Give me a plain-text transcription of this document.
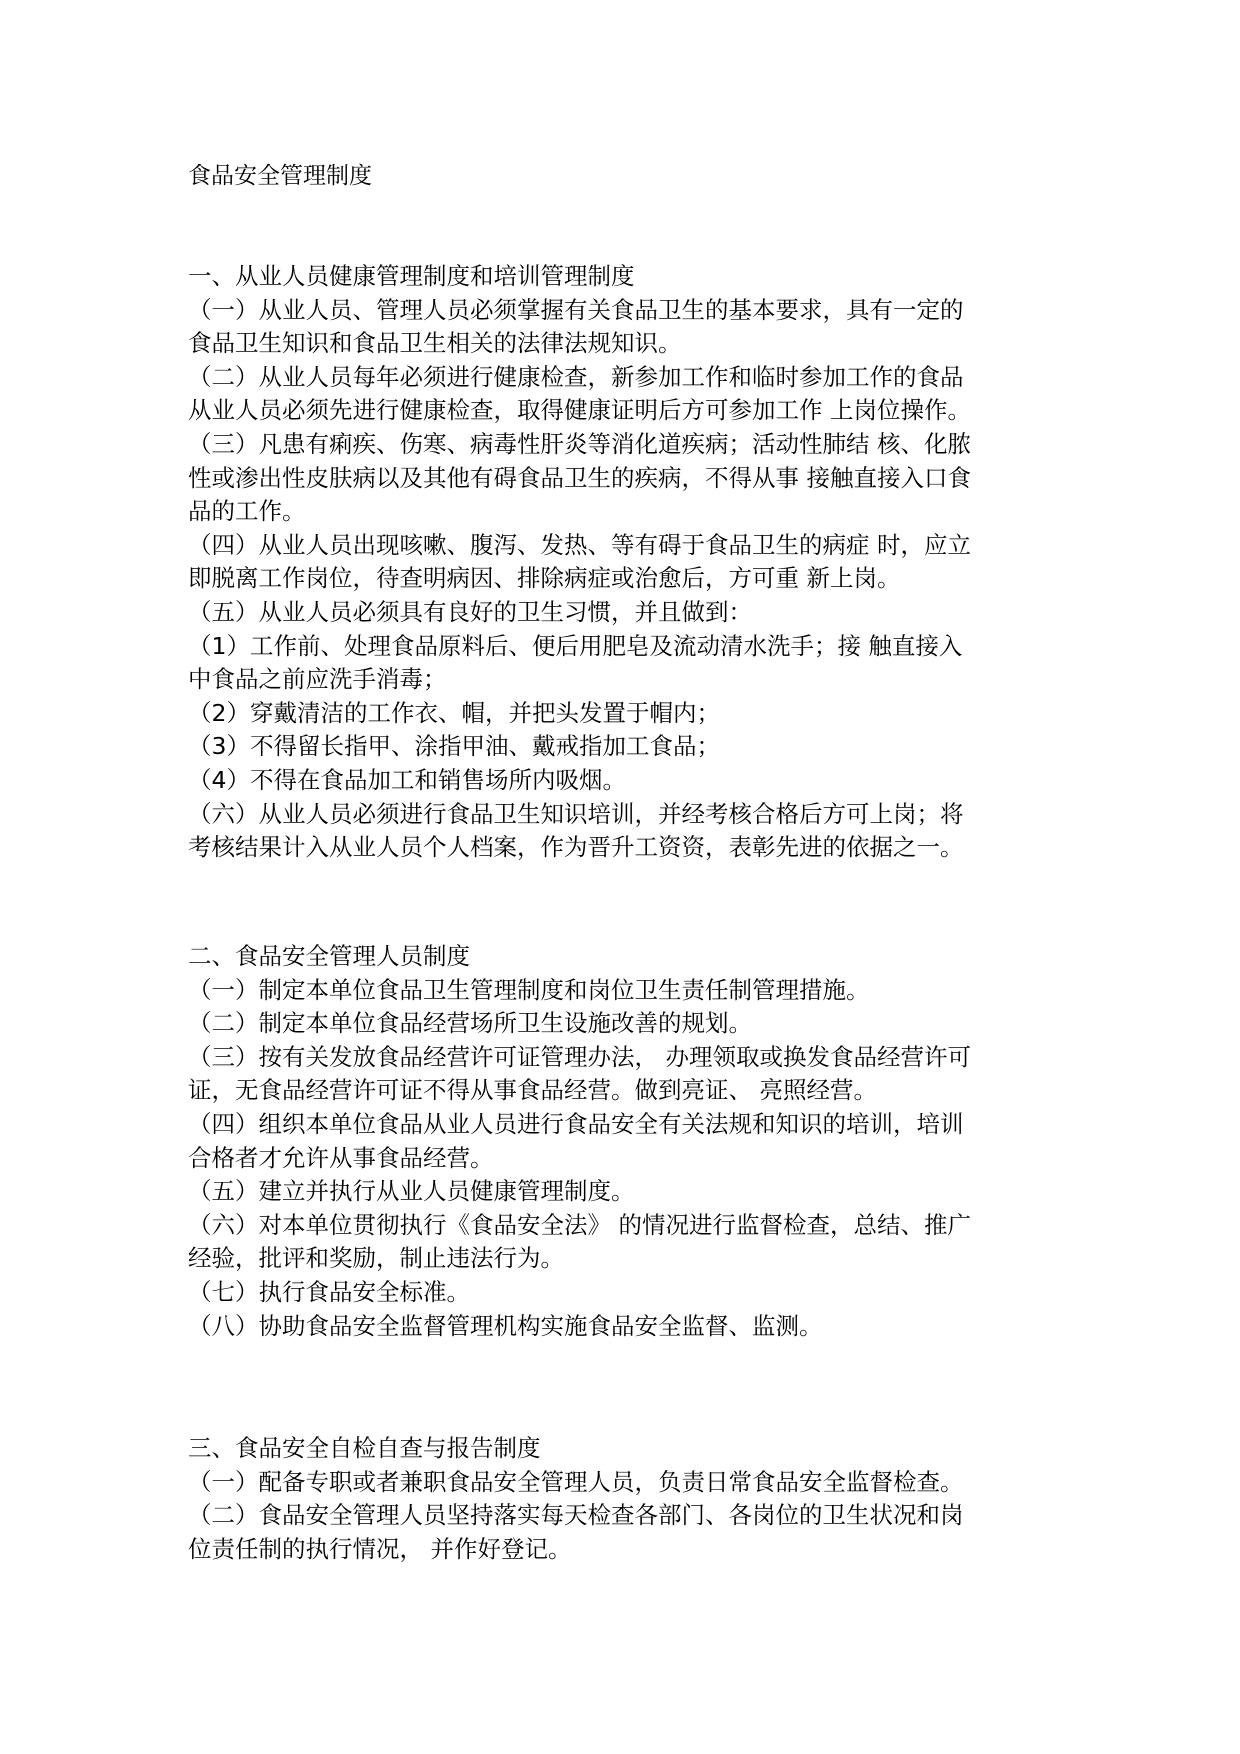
食品安全管理制度
一、从业人员健康管理制度和培训管理制度
（一）从业人员、管理人员必须掌握有关食品卫生的基本要求，具有一定的
食品卫生知识和食品卫生相关的法律法规知识。
（二）从业人员每年必须进行健康检查，新参加工作和临时参加工作的食品
从业人员必须先进行健康检查，取得健康证明后方可参加工作 上岗位操作。
（三）凡患有痢疾、伤寒、病毒性肝炎等消化道疾病；活动性肺结 核、化脓
性或渗出性皮肤病以及其他有碍食品卫生的疾病，不得从事 接触直接入口食
品的工作。
（四）从业人员出现咳嗽、腹泻、发热、等有碍于食品卫生的病症 时，应立
即脱离工作岗位，待查明病因、排除病症或治愈后，方可重 新上岗。
（五）从业人员必须具有良好的卫生习惯，并且做到：
（1）工作前、处理食品原料后、便后用肥皂及流动清水洗手；接 触直接入
中食品之前应洗手消毒；
（2）穿戴清洁的工作衣、帽，并把头发置于帽内；
（3）不得留长指甲、涂指甲油、戴戒指加工食品；
（4）不得在食品加工和销售场所内吸烟。
（六）从业人员必须进行食品卫生知识培训，并经考核合格后方可上岗；将
考核结果计入从业人员个人档案，作为晋升工资资，表彰先进的依据之一。
二、食品安全管理人员制度
（一）制定本单位食品卫生管理制度和岗位卫生责任制管理措施。
（二）制定本单位食品经营场所卫生设施改善的规划。
（三）按有关发放食品经营许可证管理办法， 办理领取或换发食品经营许可
证，无食品经营许可证不得从事食品经营。做到亮证、 亮照经营。
（四）组织本单位食品从业人员进行食品安全有关法规和知识的培训，培训
合格者才允许从事食品经营。
（五）建立并执行从业人员健康管理制度。
（六）对本单位贯彻执行《食品安全法》 的情况进行监督检查，总结、推广
经验，批评和奖励，制止违法行为。
（七）执行食品安全标准。
（八）协助食品安全监督管理机构实施食品安全监督、监测。
三、食品安全自检自查与报告制度
（一）配备专职或者兼职食品安全管理人员，负责日常食品安全监督检查。
（二）食品安全管理人员坚持落实每天检查各部门、各岗位的卫生状况和岗
位责任制的执行情况， 并作好登记。
